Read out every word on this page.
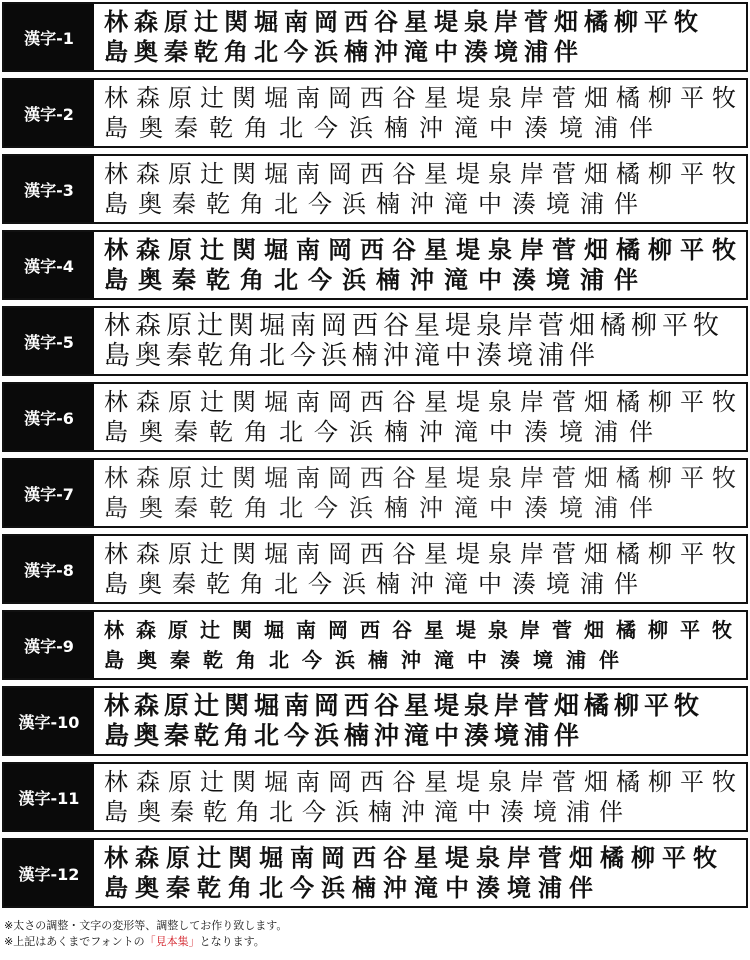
漢字-1
林森原辻関堀南岡西谷星堤泉岸菅畑橘柳平牧
島奥秦乾角北今浜楠沖滝中湊境浦伴
漢字-2
林森原辻関堀南岡西谷星堤泉岸菅畑橘柳平牧
島奥秦乾角北今浜楠沖滝中湊境浦伴
漢字-3
林森原辻関堀南岡西谷星堤泉岸菅畑橘柳平牧
島奥秦乾角北今浜楠沖滝中湊境浦伴
漢字-4
林森原辻関堀南岡西谷星堤泉岸菅畑橘柳平牧
島奥秦乾角北今浜楠沖滝中湊境浦伴
漢字-5
林森原辻関堀南岡西谷星堤泉岸菅畑橘柳平牧
島奥秦乾角北今浜楠沖滝中湊境浦伴
漢字-6
林森原辻関堀南岡西谷星堤泉岸菅畑橘柳平牧
島奥秦乾角北今浜楠沖滝中湊境浦伴
漢字-7
林森原辻関堀南岡西谷星堤泉岸菅畑橘柳平牧
島奥秦乾角北今浜楠沖滝中湊境浦伴
漢字-8
林森原辻関堀南岡西谷星堤泉岸菅畑橘柳平牧
島奥秦乾角北今浜楠沖滝中湊境浦伴
漢字-9
林森原辻関堀南岡西谷星堤泉岸菅畑橘柳平牧
島奥秦乾角北今浜楠沖滝中湊境浦伴
漢字-10
林森原辻関堀南岡西谷星堤泉岸菅畑橘柳平牧
島奥秦乾角北今浜楠沖滝中湊境浦伴
漢字-11
林森原辻関堀南岡西谷星堤泉岸菅畑橘柳平牧
島奥秦乾角北今浜楠沖滝中湊境浦伴
漢字-12
林森原辻関堀南岡西谷星堤泉岸菅畑橘柳平牧
島奥秦乾角北今浜楠沖滝中湊境浦伴
※太さの調整・文字の変形等、調整してお作り致します。
※上記はあくまでフォントの「見本集」となります。
